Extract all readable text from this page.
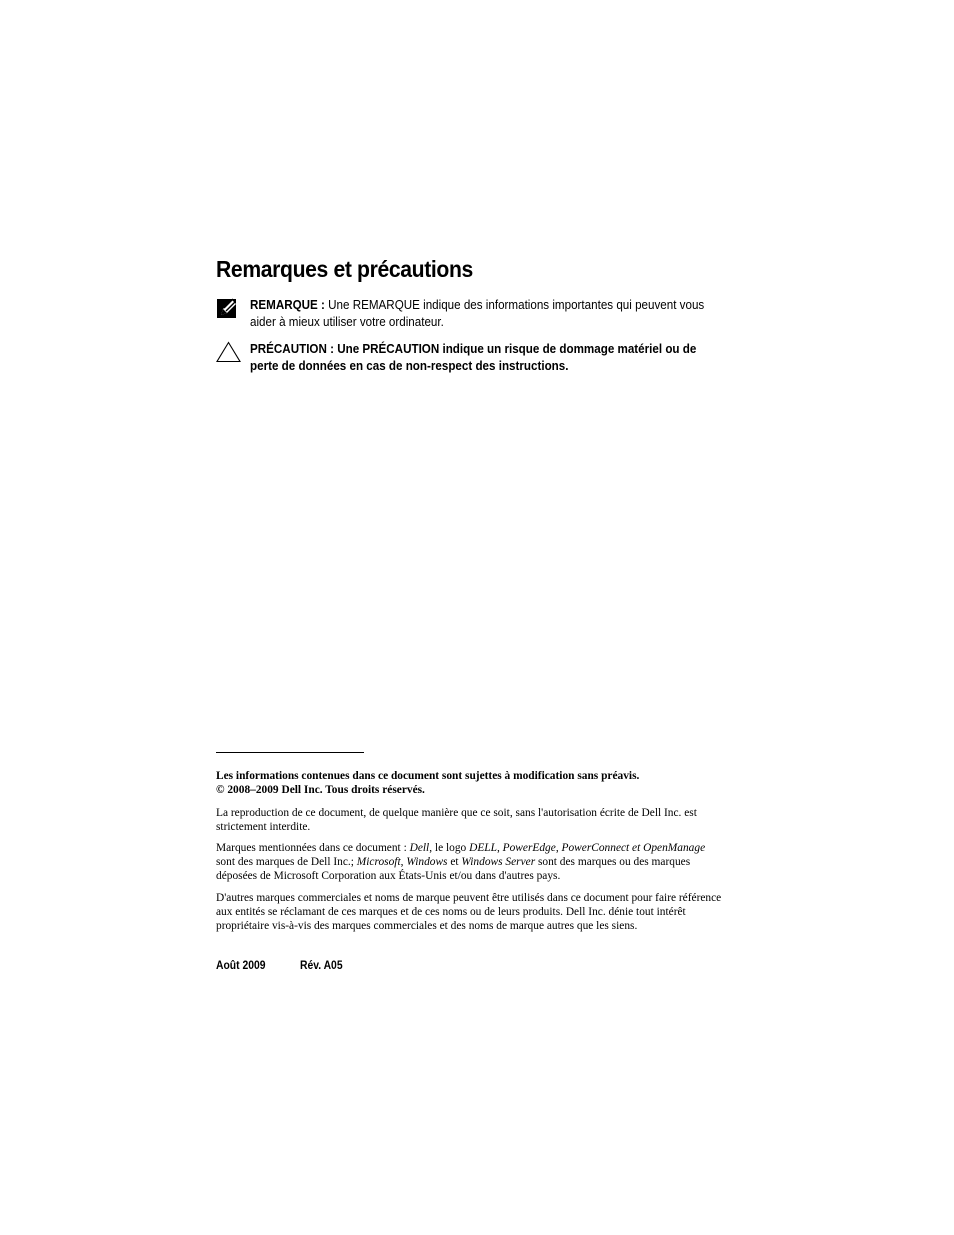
Remarques et précautions
REMARQUE : Une REMARQUE indique des informations importantes qui peuvent vous aider à mieux utiliser votre ordinateur.
PRÉCAUTION : Une PRÉCAUTION indique un risque de dommage matériel ou de perte de données en cas de non-respect des instructions.

Les informations contenues dans ce document sont sujettes à modification sans préavis.

© 2008–2009 Dell Inc. Tous droits réservés.

La reproduction de ce document, de quelque manière que ce soit, sans l'autorisation écrite de Dell Inc. est strictement interdite.

Marques mentionnées dans ce document : Dell, le logo DELL, PowerEdge, PowerConnect et OpenManage sont des marques de Dell Inc.; Microsoft, Windows et Windows Server sont des marques ou des marques déposées de Microsoft Corporation aux États-Unis et/ou dans d'autres pays.

D'autres marques commerciales et noms de marque peuvent être utilisés dans ce document pour faire référence aux entités se réclamant de ces marques et de ces noms ou de leurs produits. Dell Inc. dénie tout intérêt propriétaire vis-à-vis des marques commerciales et des noms de marque autres que les siens.

Août 2009	Rév. A05
